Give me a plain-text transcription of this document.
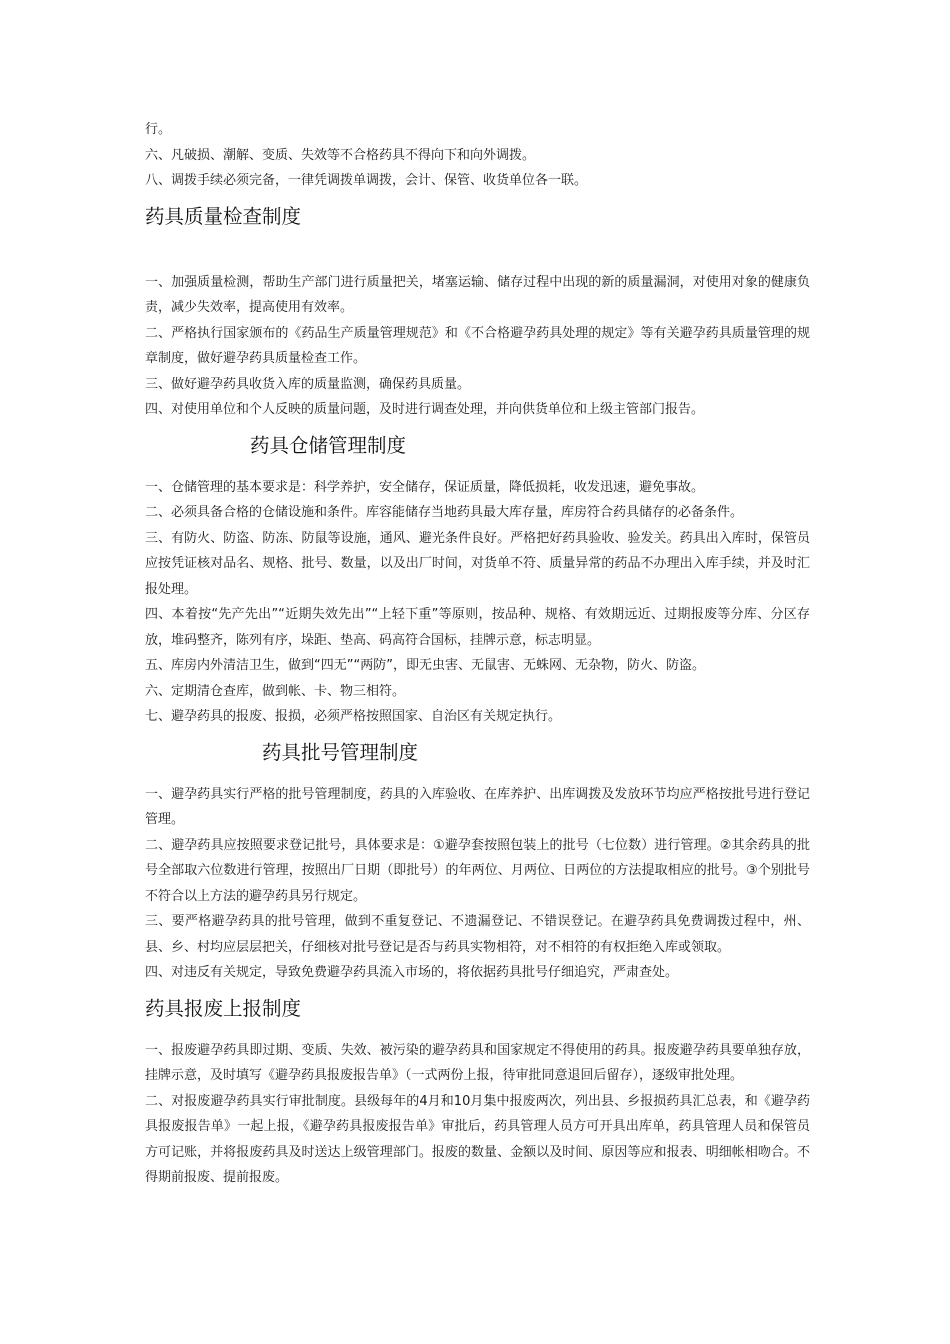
行。

六、凡破损、潮解、变质、失效等不合格药具不得向下和向外调拨。

八、调拨手续必须完备，一律凭调拨单调拨，会计、保管、收货单位各一联。

药具质量检查制度

一、加强质量检测，帮助生产部门进行质量把关，堵塞运输、储存过程中出现的新的质量漏洞，对使用对象的健康负责，减少失效率，提高使用有效率。

二、严格执行国家颁布的《药品生产质量管理规范》和《不合格避孕药具处理的规定》等有关避孕药具质量管理的规章制度，做好避孕药具质量检查工作。

三、做好避孕药具收货入库的质量监测，确保药具质量。

四、对使用单位和个人反映的质量问题，及时进行调查处理，并向供货单位和上级主管部门报告。

药具仓储管理制度

一、仓储管理的基本要求是：科学养护，安全储存，保证质量，降低损耗，收发迅速，避免事故。

二、必须具备合格的仓储设施和条件。库容能储存当地药具最大库存量，库房符合药具储存的必备条件。

三、有防火、防盗、防冻、防鼠等设施，通风、避光条件良好。严格把好药具验收、验发关。药具出入库时，保管员应按凭证核对品名、规格、批号、数量，以及出厂时间，对货单不符、质量异常的药品不办理出入库手续，并及时汇报处理。

四、本着按“先产先出”“近期失效先出”“上轻下重”等原则，按品种、规格、有效期远近、过期报废等分库、分区存放，堆码整齐，陈列有序，垛距、垫高、码高符合国标，挂牌示意，标志明显。

五、库房内外清洁卫生，做到“四无”“两防”，即无虫害、无鼠害、无蛛网、无杂物，防火、防盗。

六、定期清仓查库，做到帐、卡、物三相符。

七、避孕药具的报废、报损，必须严格按照国家、自治区有关规定执行。

药具批号管理制度

一、避孕药具实行严格的批号管理制度，药具的入库验收、在库养护、出库调拨及发放环节均应严格按批号进行登记管理。

二、避孕药具应按照要求登记批号，具体要求是：①避孕套按照包装上的批号（七位数）进行管理。②其余药具的批号全部取六位数进行管理，按照出厂日期（即批号）的年两位、月两位、日两位的方法提取相应的批号。③个别批号不符合以上方法的避孕药具另行规定。

三、要严格避孕药具的批号管理，做到不重复登记、不遗漏登记、不错误登记。在避孕药具免费调拨过程中，州、县、乡、村均应层层把关，仔细核对批号登记是否与药具实物相符，对不相符的有权拒绝入库或领取。

四、对违反有关规定，导致免费避孕药具流入市场的，将依据药具批号仔细追究，严肃查处。

药具报废上报制度

一、报废避孕药具即过期、变质、失效、被污染的避孕药具和国家规定不得使用的药具。报废避孕药具要单独存放，挂牌示意，及时填写《避孕药具报废报告单》（一式两份上报，待审批同意退回后留存），逐级审批处理。

二、对报废避孕药具实行审批制度。县级每年的4月和10月集中报废两次，列出县、乡报损药具汇总表，和《避孕药具报废报告单》一起上报，《避孕药具报废报告单》审批后，药具管理人员方可开具出库单，药具管理人员和保管员方可记账，并将报废药具及时送达上级管理部门。报废的数量、金额以及时间、原因等应和报表、明细帐相吻合。不得期前报废、提前报废。
